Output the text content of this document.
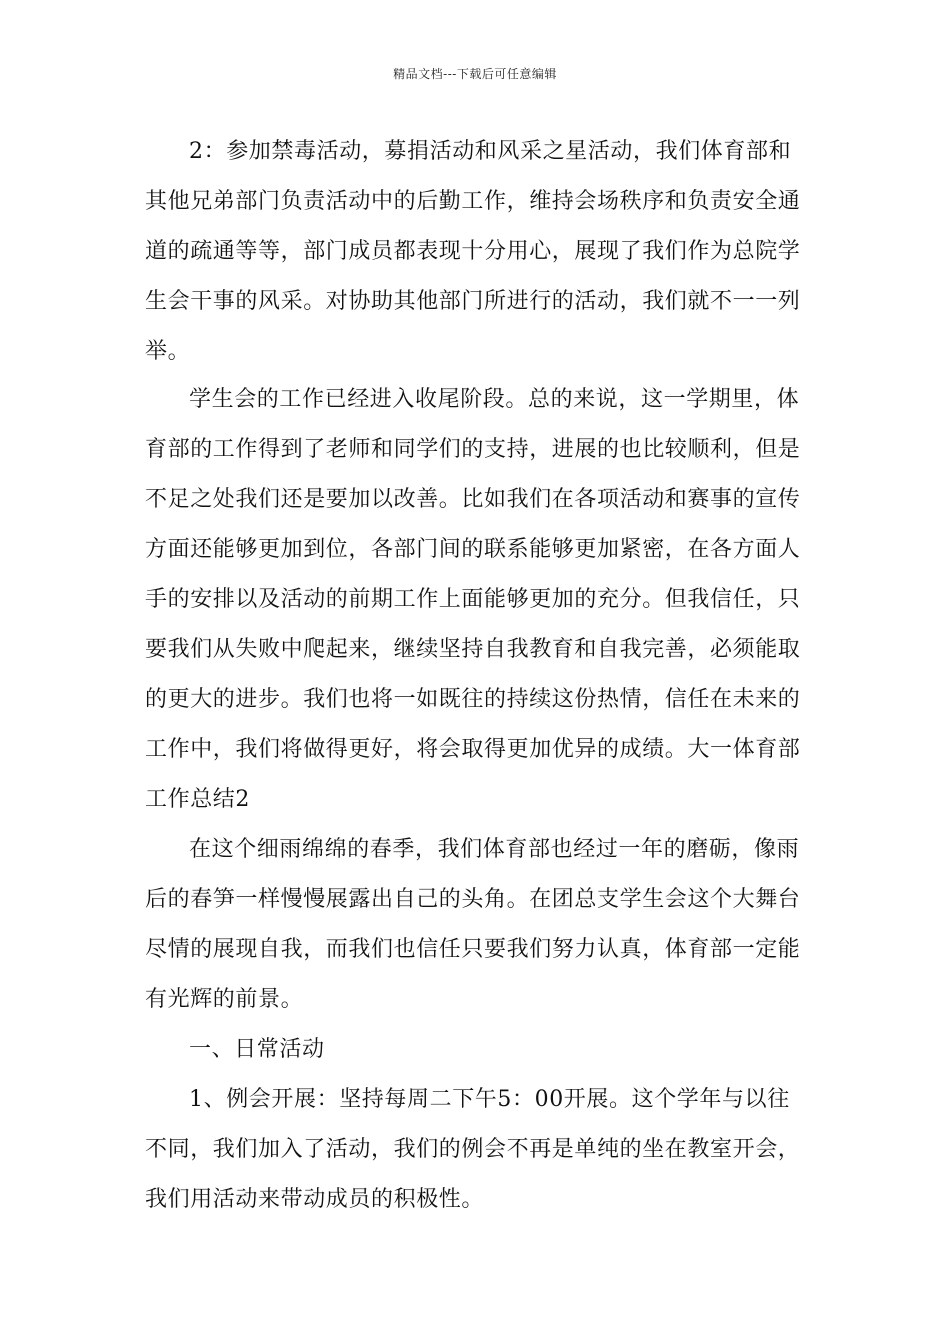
精品文档---下载后可任意编辑

2：参加禁毒活动，募捐活动和风采之星活动，我们体育部和其他兄弟部门负责活动中的后勤工作，维持会场秩序和负责安全通道的疏通等等，部门成员都表现十分用心，展现了我们作为总院学生会干事的风采。对协助其他部门所进行的活动，我们就不一一列举。

学生会的工作已经进入收尾阶段。总的来说，这一学期里，体育部的工作得到了老师和同学们的支持，进展的也比较顺利，但是不足之处我们还是要加以改善。比如我们在各项活动和赛事的宣传方面还能够更加到位，各部门间的联系能够更加紧密，在各方面人手的安排以及活动的前期工作上面能够更加的充分。但我信任，只要我们从失败中爬起来，继续坚持自我教育和自我完善，必须能取的更大的进步。我们也将一如既往的持续这份热情，信任在未来的工作中，我们将做得更好，将会取得更加优异的成绩。大一体育部工作总结2

在这个细雨绵绵的春季，我们体育部也经过一年的磨砺，像雨后的春笋一样慢慢展露出自己的头角。在团总支学生会这个大舞台尽情的展现自我，而我们也信任只要我们努力认真，体育部一定能有光辉的前景。

一、日常活动

1、例会开展：坚持每周二下午5：00开展。这个学年与以往不同，我们加入了活动，我们的例会不再是单纯的坐在教室开会，我们用活动来带动成员的积极性。
